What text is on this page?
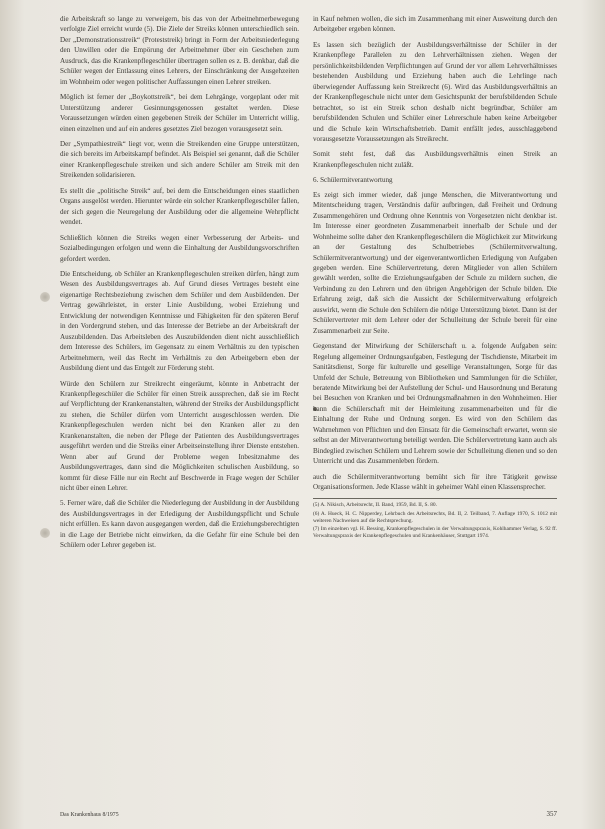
die Arbeitskraft so lange zu verweigern, bis das von der Arbeitnehmerbewegung verfolgte Ziel erreicht wurde (5). Die Ziele der Streiks können unterschiedlich sein. Der „Demonstrationsstreik“ (Proteststreik) bringt in Form der Arbeitsniederlegung den Unwillen oder die Empörung der Arbeitnehmer über ein Geschehen zum Ausdruck, das die Krankenpflegeschüler übertragen sollen es z. B. denkbar, daß die Schüler wegen der Entlassung eines Lehrers, der Einschränkung der Ausgehzeiten im Wohnheim oder wegen politischer Auffassungen einen Lehrer streiken.

Möglich ist ferner der „Boykottstreik“, bei dem Lehrgänge, vorgeplant oder mit Unterstützung anderer Gesinnungsgenossen gestaltet werden. Diese Voraussetzungen würden einen gegebenen Streik der Schüler im Unterricht willig, einen einzelnen und auf ein anderes gesetztes Ziel bezogen vorausgesetzt sein.

Der „Sympathiestreik“ liegt vor, wenn die Streikenden eine Gruppe unterstützen, die sich bereits im Arbeitskampf befindet. Als Beispiel sei genannt, daß die Schüler einer Krankenpflegeschule streiken und sich andere Schüler am Streik mit den Streikenden solidarisieren.

Es stellt die „politische Streik“ auf, bei dem die Entscheidungen eines staatlichen Organs ausgelöst werden. Hierunter würde ein solcher Krankenpflegeschüler fallen, der sich gegen die Neuregelung der Ausbildung oder die allgemeine Wehrpflicht wendet.

Schließlich können die Streiks wegen einer Verbesserung der Arbeits- und Sozialbedingungen erfolgen und wenn die Einhaltung der Ausbildungsvorschriften gefordert werden.

Die Entscheidung, ob Schüler an Krankenpflegeschulen streiken dürfen, hängt zum Wesen des Ausbildungsvertrages ab. Auf Grund dieses Vertrages besteht eine eigenartige Rechtsbeziehung zwischen dem Schüler und dem Ausbildenden. Der Vertrag gewährleistet, in erster Linie Ausbildung, wobei Erziehung und Entwicklung der notwendigen Kenntnisse und Fähigkeiten für den späteren Beruf in den Vordergrund stehen, und das Interesse der Betriebe an der Arbeitskraft der Auszubildenden. Das Arbeitsleben des Auszubildenden dient nicht ausschließlich dem Interesse des Schülers, im Gegensatz zu einem Verhältnis zu den typischen Arbeitnehmern, weil das Recht im Verhältnis zu den Arbeitgebern eben der Ausbildung dient und das Entgelt zur Förderung steht.

Würde den Schülern zur Streikrecht eingeräumt, könnte in Anbetracht der Krankenpflegeschüler die Schüler für einen Streik aussprechen, daß sie im Recht auf Verpflichtung der Krankenanstalten, während der Streiks der Ausbildungspflicht zu stehen, die Schüler dürfen vom Unterricht ausgeschlossen werden. Die Krankenpflegeschulen werden nicht bei den Kranken aller zu den Krankenanstalten, die neben der Pflege der Patienten des Ausbildungsvertrages ausgeführt werden und die Streiks einer Arbeitseinstellung ihrer Dienste entstehen. Wenn aber auf Grund der Probleme wegen Inbesitznahme des Ausbildungsvertrages, dann sind die Möglichkeiten schulischen Ausbildung, so kommt für diese Fälle nur ein Recht auf Beschwerde in Frage wegen der Schüler nicht über einen Lehrer.

5. Ferner wäre, daß die Schüler die Niederlegung der Ausbildung in der Ausbildung des Ausbildungsvertrages in der Erledigung der Ausbildungspflicht und Schule nicht erfüllen. Es kann davon ausgegangen werden, daß die Erziehungsberechtigten in die Lage der Betriebe nicht einwirken, da die Gefahr für eine Schule bei den Schülern oder Lehrer gegeben ist.

in Kauf nehmen wollen, die sich im Zusammenhang mit einer Ausweitung durch den Arbeitgeber ergeben können.

Es lassen sich bezüglich der Ausbildungsverhältnisse der Schüler in der Krankenpflege Parallelen zu den Lehrverhältnissen ziehen. Wegen der persönlichkeitsbildenden Verpflichtungen auf Grund der vor allem Lehrverhältnisses bestehenden Ausbildung und Erziehung haben auch die Lehrlinge nach überwiegender Auffassung kein Streikrecht (6). Wird das Ausbildungsverhältnis an der Krankenpflegeschule nicht unter dem Gesichtspunkt der berufsbildenden Schule betrachtet, so ist ein Streik schon deshalb nicht begründbar, Schüler am berufsbildenden Schulen und Schüler einer Lehrerschule haben keine Arbeitgeber und die Schule kein Wirtschaftsbetrieb. Damit entfällt jedes, ausschlaggebend vorausgesetzte Voraussetzungen als Streikrecht.

Somit steht fest, daß das Ausbildungsverhältnis einen Streik an Krankenpflegeschulen nicht zuläßt.

6. Schülermitverantwortung

Es zeigt sich immer wieder, daß junge Menschen, die Mitverantwortung und Mitentscheidung tragen, Verständnis dafür aufbringen, daß Freiheit und Ordnung Zusammengehören und Ordnung ohne Kenntnis von Vorgesetzten nicht denkbar ist. Im Interesse einer geordneten Zusammenarbeit innerhalb der Schule und der Wohnheime sollte daher den Krankenpflegeschülern die Möglichkeit zur Mitwirkung an der Gestaltung des Schulbetriebes (Schülermitverwaltung, Schülermitverantwortung) und der eigenverantwortlichen Erledigung von Aufgaben gegeben werden. Eine Schülervertretung, deren Mitglieder von allen Schülern gewählt werden, sollte die Erziehungsaufgaben der Schule zu mildern suchen, die Verbindung zu den Lehrern und den übrigen Angehörigen der Schule bilden. Die Erfahrung zeigt, daß sich die Aussicht der Schülermitverwaltung erfolgreich auswirkt, wenn die Schule den Schülern die nötige Unterstützung bietet. Dann ist der Schülervertreter mit dem Lehrer oder der Schulleitung der Schule bereit für eine Zusammenarbeit zur Seite.

Gegenstand der Mitwirkung der Schülerschaft u. a. folgende Aufgaben sein: Regelung allgemeiner Ordnungsaufgaben, Festlegung der Tischdienste, Mitarbeit im Sanitätsdienst, Sorge für kulturelle und gesellige Veranstaltungen, Sorge für das Umfeld der Schule, Betreuung von Bibliotheken und Sammlungen für die Schüler, beratende Mitwirkung bei der Aufstellung der Schul- und Hausordnung und Beratung bei Besuchen von Kranken und bei Ordnungsmaßnahmen in den Wohnheimen. Hier kann die Schülerschaft mit der Heimleitung zusammenarbeiten und für die Einhaltung der Ruhe und Ordnung sorgen. Es wird von den Schülern das Wahrnehmen von Pflichten und den Einsatz für die Gemeinschaft erwartet, wenn sie selbst an der Mitverantwortung beteiligt werden. Die Schülervertretung kann auch als Bindeglied zwischen Schülern und Lehrern sowie der Schulleitung dienen und so den Unterricht und das Zusammenleben fördern.

auch die Schülermitverantwortung bemüht sich für ihre Tätigkeit gewisse Organisationsformen. Jede Klasse wählt in geheimer Wahl einen Klassensprecher.

(5) A. Nikisch, Arbeitsrecht, II. Band, 1959, Bd. II, S. 80.
(6) A. Hueck, H. C. Nipperdey, Lehrbuch des Arbeitsrechts, Bd. II, 2. Teilband, 7. Auflage 1970, S. 1012 mit weiteren Nachweisen auf die Rechtsprechung.
(7) Im einzelnen vgl. H. Bessing, Krankenpflegeschulen in der Verwaltungspraxis, Kohlhammer Verlag, S. 92 ff. Verwaltungspraxis der Krankenpflegeschulen und Krankenhäuser, Stuttgart 1974.
Das Krankenhaus 8/1975	357
